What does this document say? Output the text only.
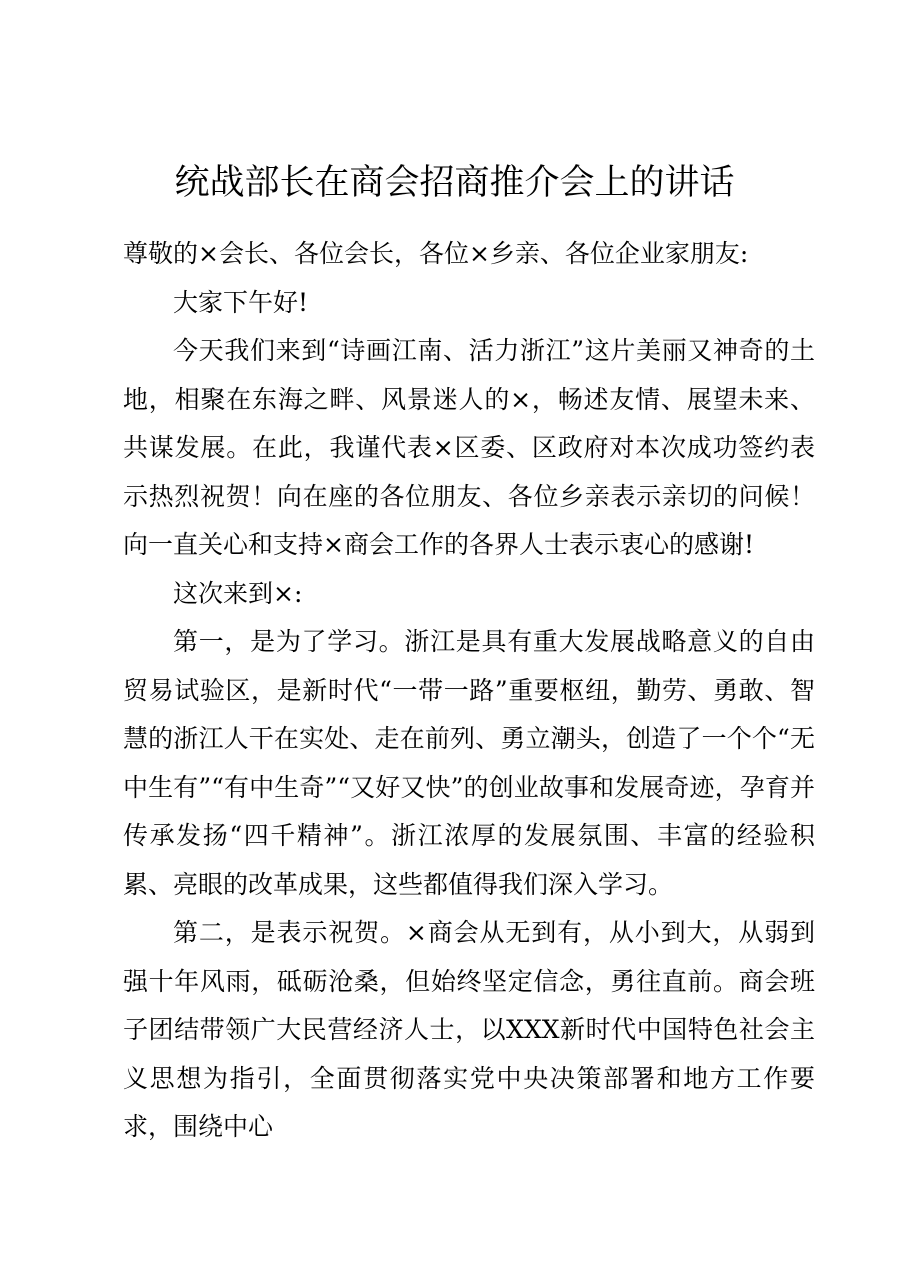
统战部长在商会招商推介会上的讲话

尊敬的×会长、各位会长，各位×乡亲、各位企业家朋友:

大家下午好!

今天我们来到“诗画江南、活力浙江”这片美丽又神奇的土地，相聚在东海之畔、风景迷人的×，畅述友情、展望未来、共谋发展。在此，我谨代表×区委、区政府对本次成功签约表示热烈祝贺！向在座的各位朋友、各位乡亲表示亲切的问候！向一直关心和支持×商会工作的各界人士表示衷心的感谢!

这次来到×:

第一，是为了学习。浙江是具有重大发展战略意义的自由贸易试验区，是新时代“一带一路”重要枢纽，勤劳、勇敢、智慧的浙江人干在实处、走在前列、勇立潮头，创造了一个个“无中生有”“有中生奇”“又好又快”的创业故事和发展奇迹，孕育并传承发扬“四千精神”。浙江浓厚的发展氛围、丰富的经验积累、亮眼的改革成果，这些都值得我们深入学习。

第二，是表示祝贺。×商会从无到有，从小到大，从弱到强十年风雨，砥砺沧桑，但始终坚定信念，勇往直前。商会班子团结带领广大民营经济人士，以XXX新时代中国特色社会主义思想为指引，全面贯彻落实党中央决策部署和地方工作要求，围绕中心
